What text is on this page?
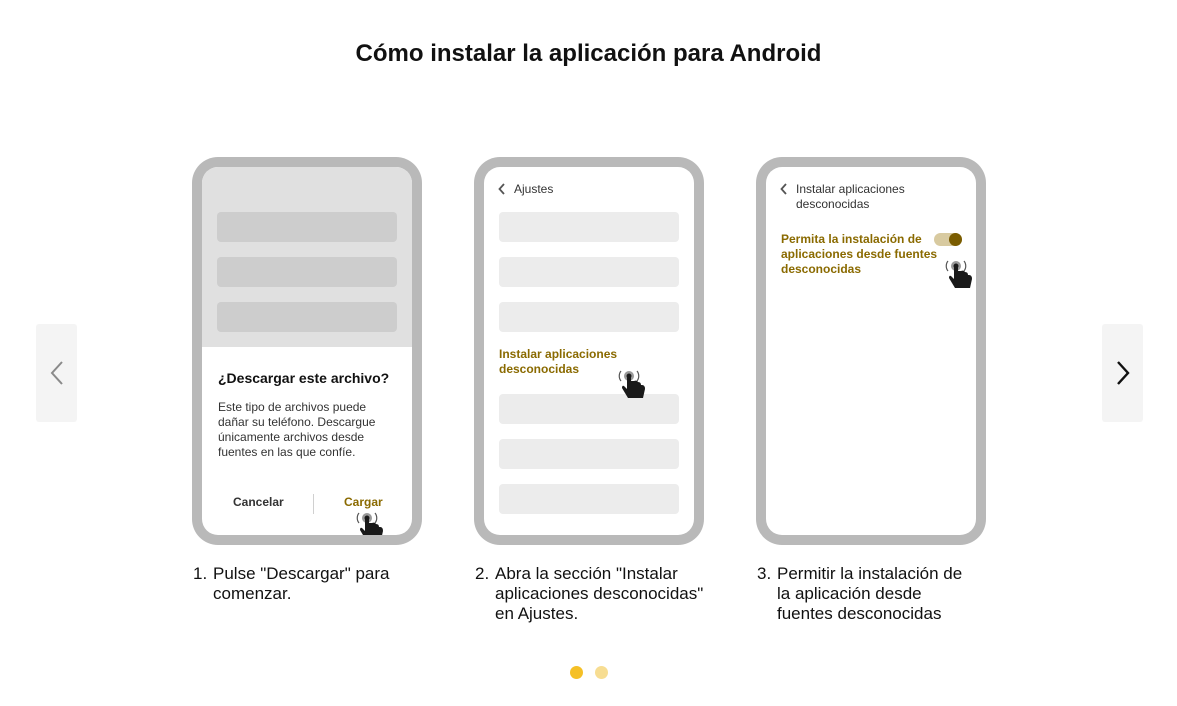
Cómo instalar la aplicación para Android
¿Descargar este archivo?
Este tipo de archivos puede dañar su teléfono. Descargue únicamente archivos desde fuentes en las que confíe.
Cancelar	Cargar
Ajustes
Instalar aplicaciones desconocidas
Instalar aplicaciones desconocidas
Permita la instalación de aplicaciones desde fuentes desconocidas
1. Pulse "Descargar" para comenzar.
2. Abra la sección "Instalar aplicaciones desconocidas" en Ajustes.
3. Permitir la instalación de la aplicación desde fuentes desconocidas
